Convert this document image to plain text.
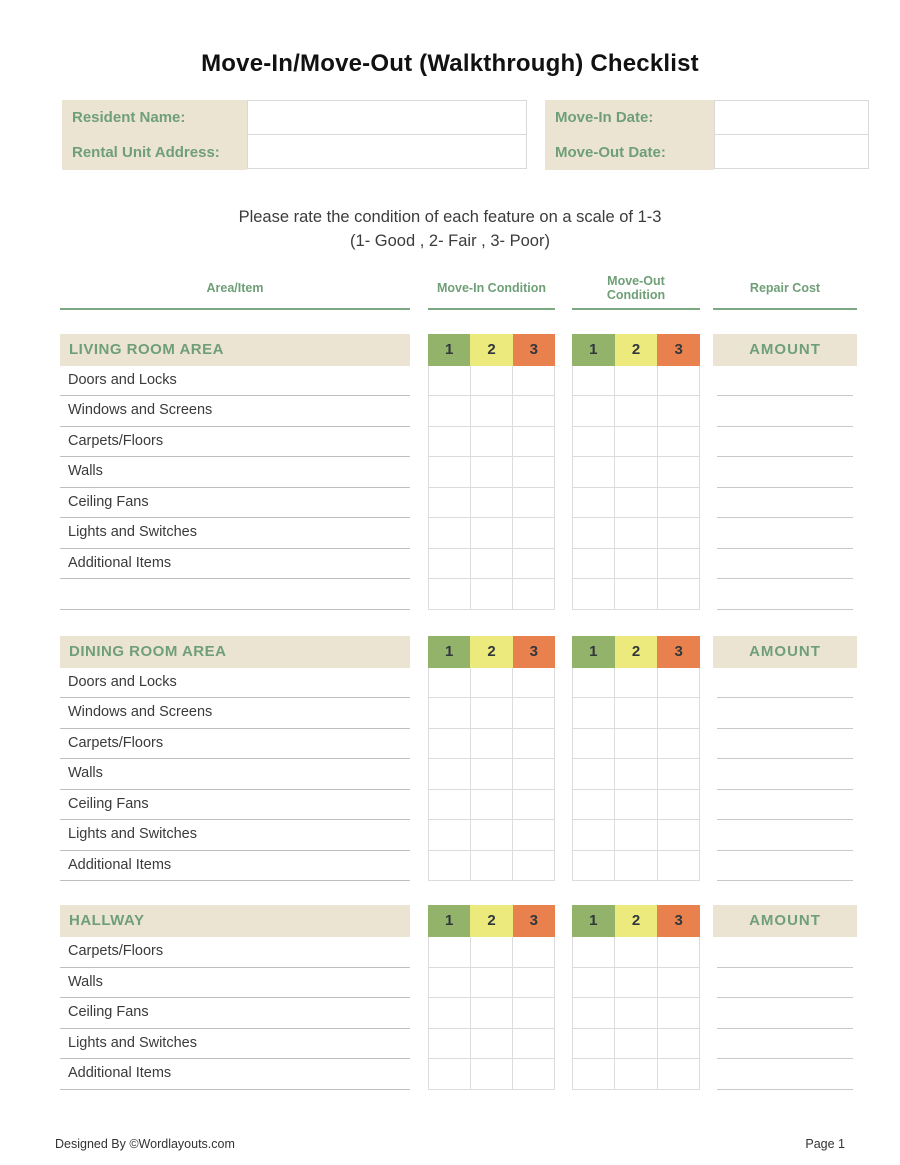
Move-In/Move-Out (Walkthrough) Checklist
Resident Name:
Rental Unit Address:
Move-In Date:
Move-Out Date:
Please rate the condition of each feature on a scale of 1-3
(1- Good , 2- Fair , 3- Poor)
Area/Item	Move-In Condition	Move-Out Condition	Repair Cost
LIVING ROOM AREA	1	2	3	1	2	3	AMOUNT
Doors and Locks
Windows and Screens
Carpets/Floors
Walls
Ceiling Fans
Lights and Switches
Additional Items
DINING ROOM AREA	1	2	3	1	2	3	AMOUNT
Doors and Locks
Windows and Screens
Carpets/Floors
Walls
Ceiling Fans
Lights and Switches
Additional Items
HALLWAY	1	2	3	1	2	3	AMOUNT
Carpets/Floors
Walls
Ceiling Fans
Lights and Switches
Additional Items
Designed By ©Wordlayouts.com	Page 1
